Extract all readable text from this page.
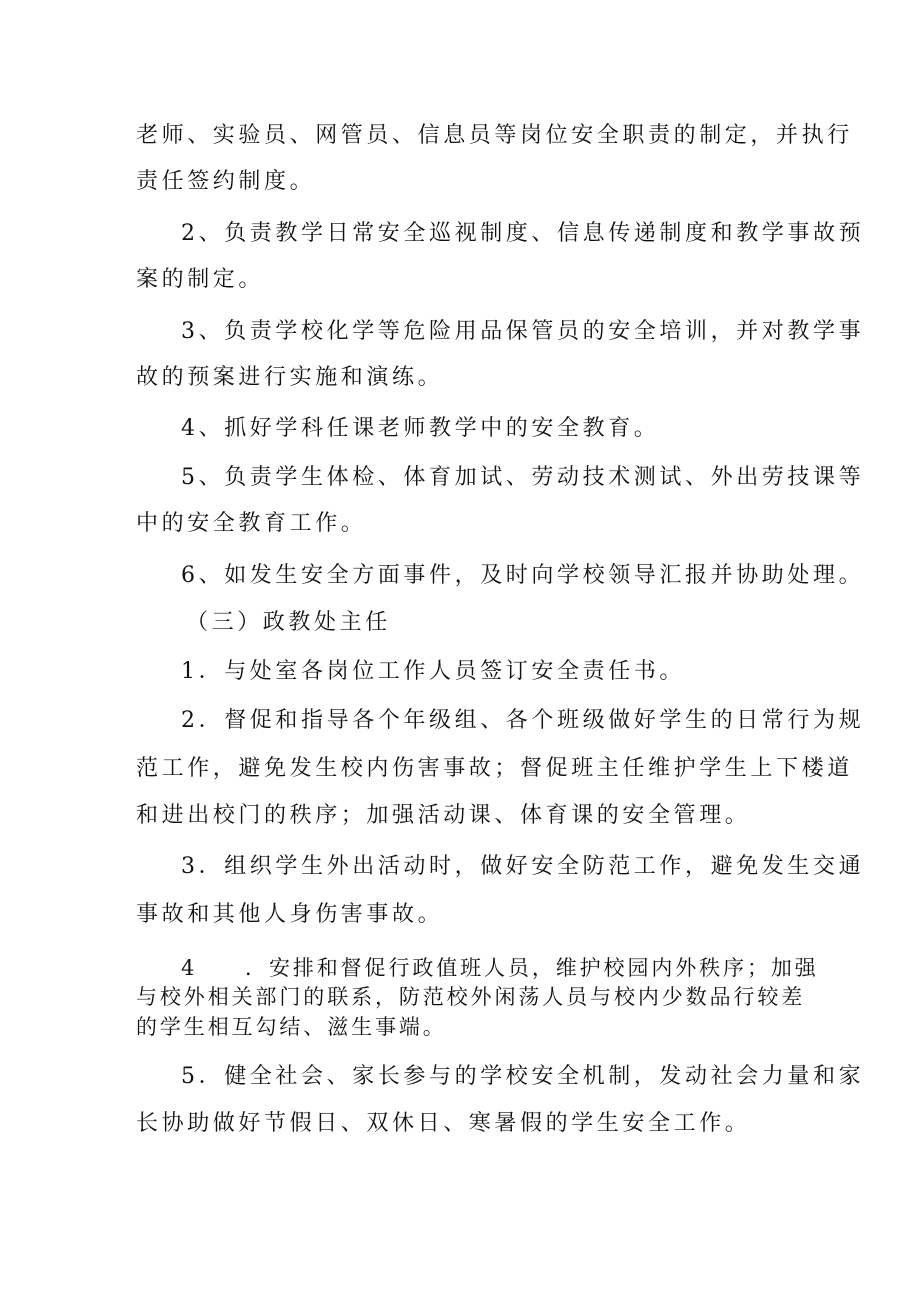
老师、实验员、网管员、信息员等岗位安全职责的制定，并执行
责任签约制度。
2、负责教学日常安全巡视制度、信息传递制度和教学事故预
案的制定。
3、负责学校化学等危险用品保管员的安全培训，并对教学事
故的预案进行实施和演练。
4、抓好学科任课老师教学中的安全教育。
5、负责学生体检、体育加试、劳动技术测试、外出劳技课等
中的安全教育工作。
6、如发生安全方面事件，及时向学校领导汇报并协助处理。
（三）政教处主任
1．与处室各岗位工作人员签订安全责任书。
2．督促和指导各个年级组、各个班级做好学生的日常行为规
范工作，避免发生校内伤害事故；督促班主任维护学生上下楼道
和进出校门的秩序；加强活动课、体育课的安全管理。
3．组织学生外出活动时，做好安全防范工作，避免发生交通
事故和其他人身伤害事故。
4　　．安排和督促行政值班人员，维护校园内外秩序；加强
与校外相关部门的联系，防范校外闲荡人员与校内少数品行较差
的学生相互勾结、滋生事端。
5．健全社会、家长参与的学校安全机制，发动社会力量和家
长协助做好节假日、双休日、寒暑假的学生安全工作。
